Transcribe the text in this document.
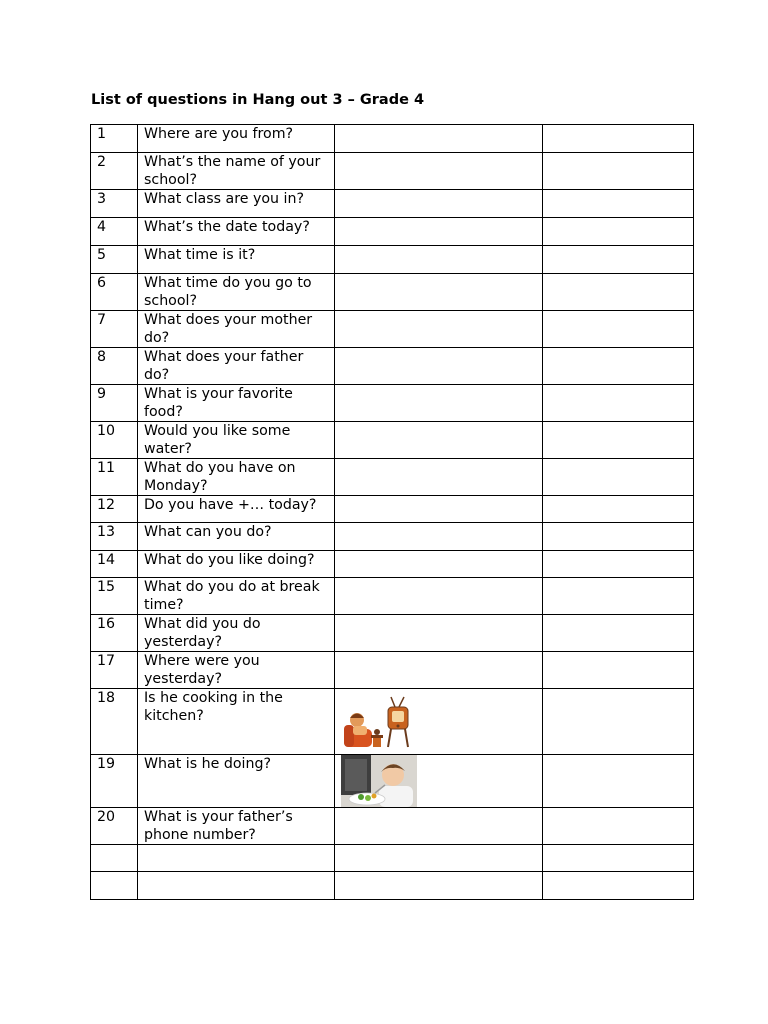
List of questions in Hang out 3 – Grade 4
1	Where are you from?		
2	What’s the name of your school?		
3	What class are you in?		
4	What’s the date today?		
5	What time is it?		
6	What time do you go to school?		
7	What does your mother do?		
8	What does your father do?		
9	What is your favorite food?		
10	Would you like some water?		
11	What do you have on Monday?		
12	Do you have +… today?		
13	What can you do?		
14	What do you like doing?		
15	What do you do at break time?		
16	What did you do yesterday?		
17	Where were you yesterday?		
18	Is he cooking in the kitchen?	

19	What is he doing?	

20	What is your father’s phone number?		
